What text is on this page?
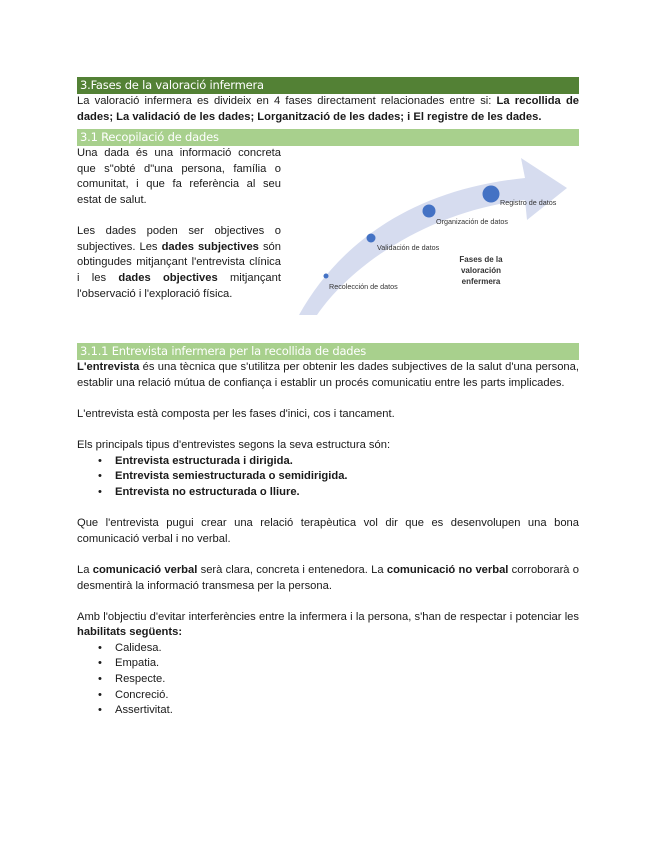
3.Fases de la valoració infermera

La valoració infermera es divideix en 4 fases directament relacionades entre si: La recollida de dades; La validació de les dades; Lorganització de les dades; i El registre de les dades.

3.1 Recopilació de dades

Una dada és una informació concreta que s"obté d"una persona, família o comunitat, i que fa referència al seu estat de salut.

Les dades poden ser objectives o subjectives. Les dades subjectives són obtingudes mitjançant l'entrevista clínica i les dades objectives mitjançant l'observació i l'exploració física.

Recolección de datos
Validación de datos
Organización de datos
Registro de datos
Fases de la
valoración
enfermera
3.1.1 Entrevista infermera per la recollida de dades

L'entrevista és una tècnica que s'utilitza per obtenir les dades subjectives de la salut d'una persona, establir una relació mútua de confiança i establir un procés comunicatiu entre les parts implicades.

L'entrevista està composta per les fases d'inici, cos i tancament.

Els principals tipus d'entrevistes segons la seva estructura són:

• Entrevista estructurada i dirigida.
• Entrevista semiestructurada o semidirigida.
• Entrevista no estructurada o lliure.

Que l'entrevista pugui crear una relació terapèutica vol dir que es desenvolupen una bona comunicació verbal i no verbal.

La comunicació verbal serà clara, concreta i entenedora. La comunicació no verbal corroborarà o desmentirà la informació transmesa per la persona.

Amb l'objectiu d'evitar interferències entre la infermera i la persona, s'han de respectar i potenciar les habilitats següents:

• Calidesa.
• Empatia.
• Respecte.
• Concreció.
• Assertivitat.
